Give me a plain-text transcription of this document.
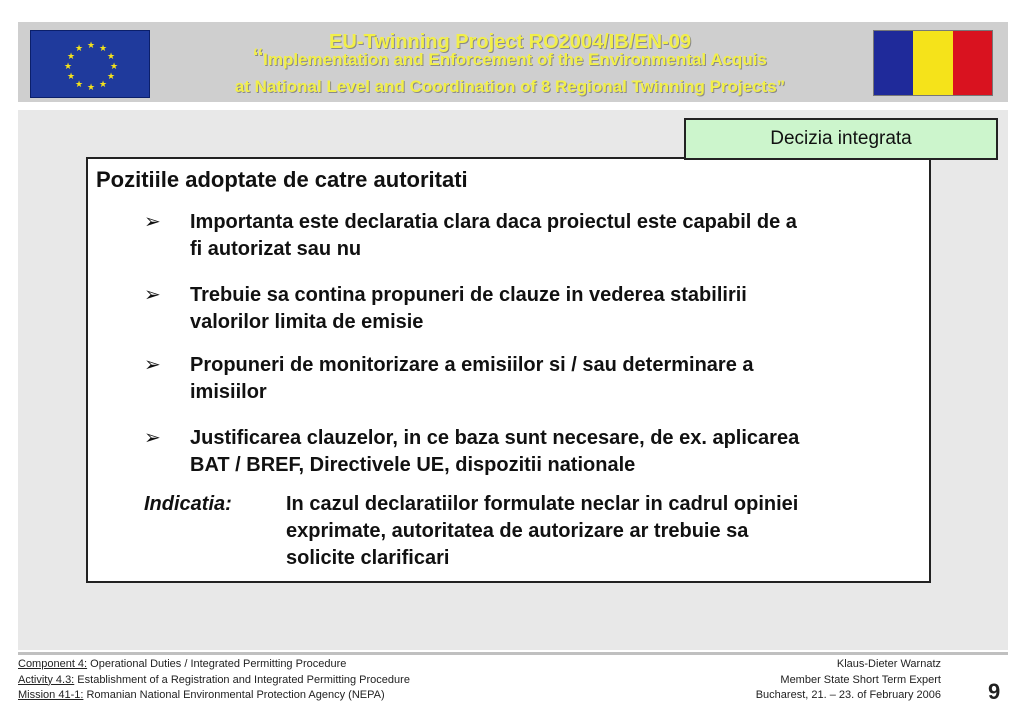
★ ★
★
★
★
★
★
★
★
★
★
★	EU-Twinning Project RO2004/IB/EN-09
“Implementation and Enforcement of the Environmental Acquis
at National Level and Coordination of 8 Regional Twinning Projects”
Decizia integrata
Pozitiile adoptate de catre autoritati
➢ Importanta este declaratia clara daca proiectul este capabil de a
fi autorizat sau nu
➢ Trebuie sa contina propuneri de clauze in vederea stabilirii
valorilor limita de emisie
➢ Propuneri de monitorizare a emisiilor si / sau determinare a
imisiilor
➢ Justificarea clauzelor, in ce baza sunt necesare, de ex. aplicarea
BAT / BREF, Directivele UE, dispozitii nationale
Indicatia:	In cazul declaratiilor formulate neclar in cadrul opiniei
exprimate, autoritatea de autorizare ar trebuie sa
solicite clarificari
Component 4: Operational Duties / Integrated Permitting Procedure
Activity 4.3: Establishment of a Registration and Integrated Permitting Procedure
Mission 41-1: Romanian National Environmental Protection Agency (NEPA)
Klaus-Dieter Warnatz
Member State Short Term Expert
Bucharest, 21. – 23. of February 2006 9
